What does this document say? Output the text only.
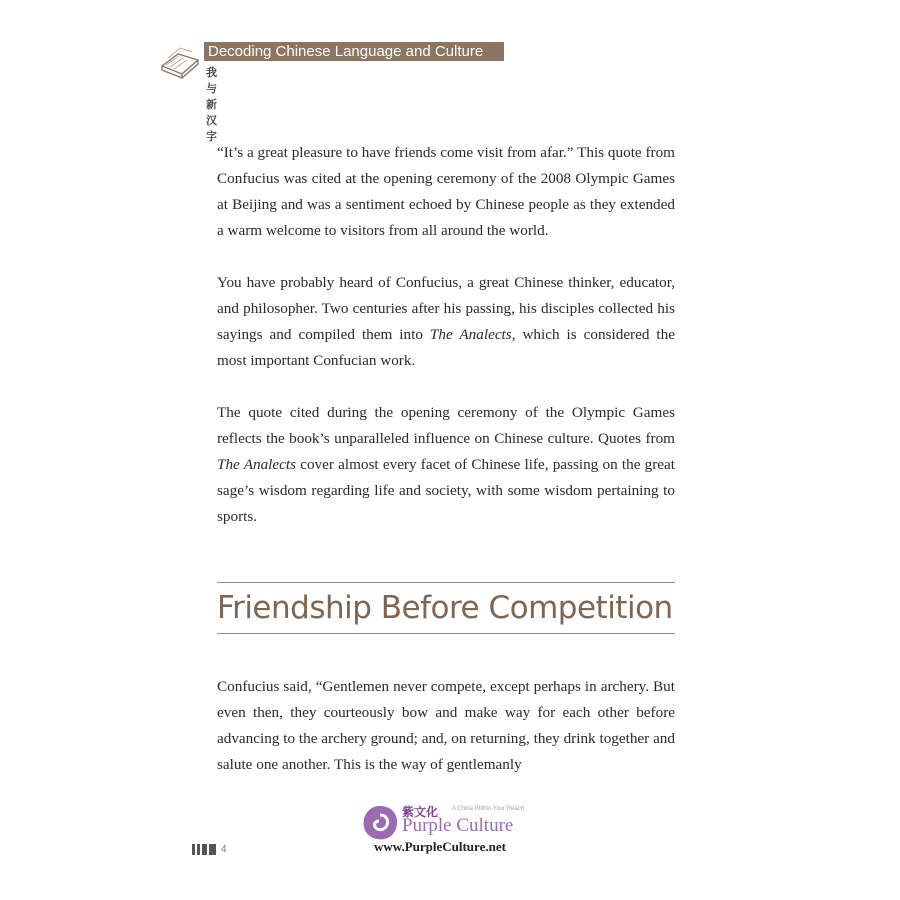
Decoding Chinese Language and Culture
我与新汉字

“It’s a great pleasure to have friends come visit from afar.” This quote from Confucius was cited at the opening ceremony of the 2008 Olympic Games at Beijing and was a sentiment echoed by Chinese people as they extended a warm welcome to visitors from all around the world.

You have probably heard of Confucius, a great Chinese thinker, educator, and philosopher. Two centuries after his passing, his disciples collected his sayings and compiled them into The Analects, which is considered the most important Confucian work.

The quote cited during the opening ceremony of the Olympic Games reflects the book’s unparalleled influence on Chinese culture. Quotes from The Analects cover almost every facet of Chinese life, passing on the great sage’s wisdom regarding life and society, with some wisdom pertaining to sports.

Friendship Before Competition

Confucius said, “Gentlemen never compete, except perhaps in archery. But even then, they courteously bow and make way for each other before advancing to the archery ground; and, on returning, they drink together and salute one another. This is the way of gentlemanly

4
紫文化 A China Within Your Reach
Purple Culture
www.PurpleCulture.net
